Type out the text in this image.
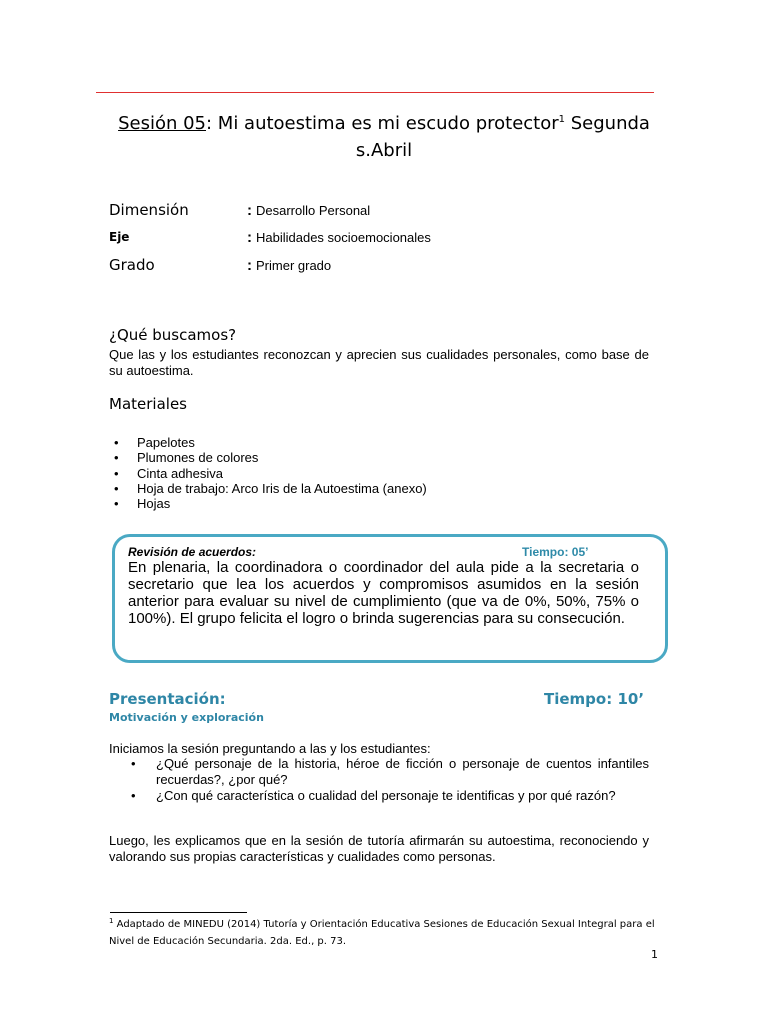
Sesión 05: Mi autoestima es mi escudo protector$^1$ Segunda s.Abril
Dimensión	: Desarrollo Personal
Eje	: Habilidades socioemocionales
Grado	: Primer grado
¿Qué buscamos?
Que las y los estudiantes reconozcan y aprecien sus cualidades personales, como base de su autoestima.
Materiales
• Papelotes
• Plumones de colores
• Cinta adhesiva
• Hoja de trabajo: Arco Iris de la Autoestima (anexo)
• Hojas
Revisión de acuerdos:	Tiempo: 05’
En plenaria, la coordinadora o coordinador del aula pide a la secretaria o secretario que lea los acuerdos y compromisos asumidos en la sesión anterior para evaluar su nivel de cumplimiento (que va de 0%, 50%, 75% o 100%). El grupo felicita el logro o brinda sugerencias para su consecución.
Presentación:	Tiempo: 10’
Motivación y exploración
Iniciamos la sesión preguntando a las y los estudiantes:
• ¿Qué personaje de la historia, héroe de ficción o personaje de cuentos infantiles recuerdas?, ¿por qué?
• ¿Con qué característica o cualidad del personaje te identificas y por qué razón?
Luego, les explicamos que en la sesión de tutoría afirmarán su autoestima, reconociendo y valorando sus propias características y cualidades como personas.
$^1$ Adaptado de MINEDU (2014) Tutoría y Orientación Educativa Sesiones de Educación Sexual Integral para el Nivel de Educación Secundaria. 2da. Ed., p. 73.
1
